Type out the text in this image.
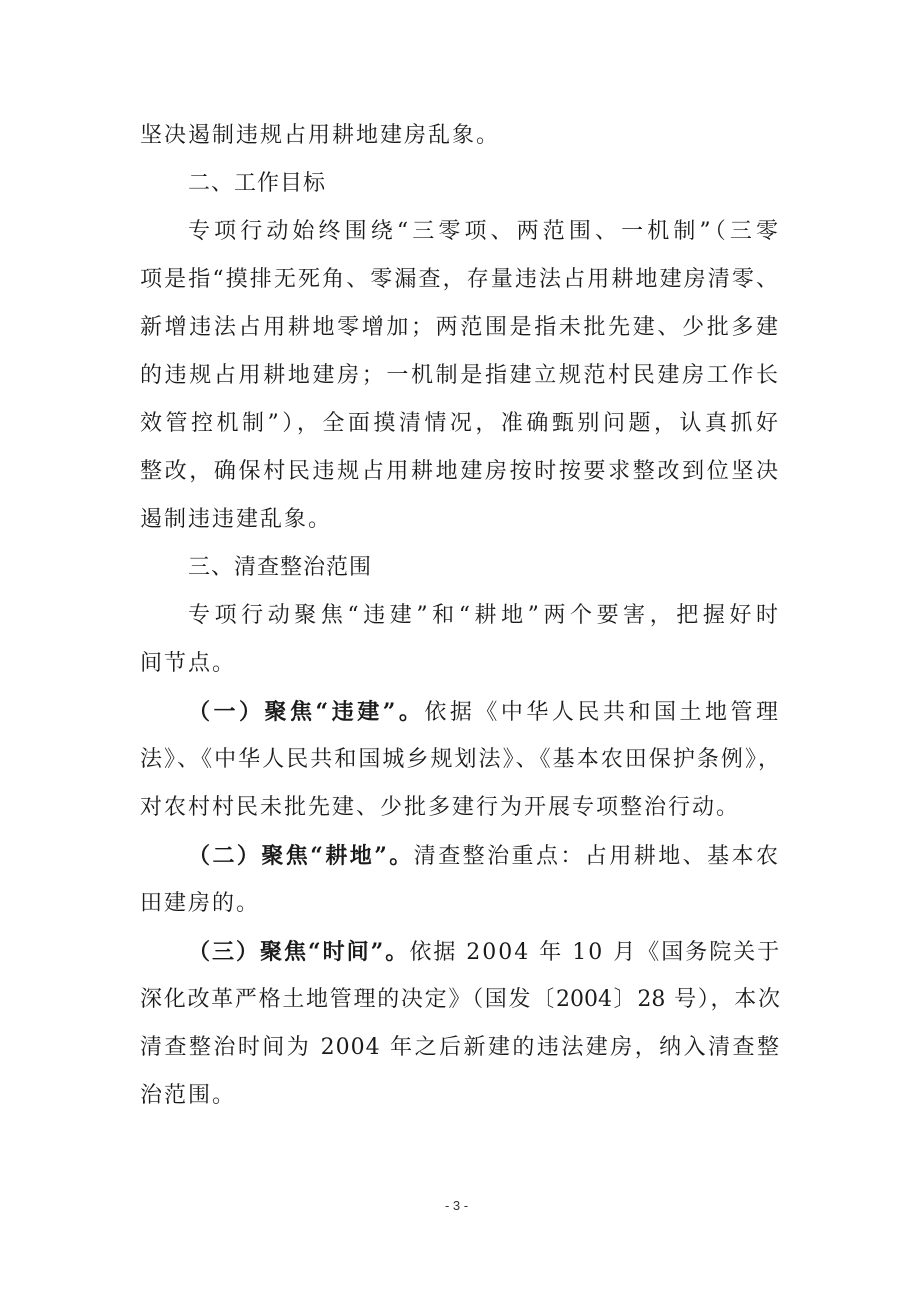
坚决遏制违规占用耕地建房乱象。
二、工作目标
专项行动始终围绕“三零项、两范围、一机制”（三零
项是指“摸排无死角、零漏查，存量违法占用耕地建房清零、
新增违法占用耕地零增加；两范围是指未批先建、少批多建
的违规占用耕地建房；一机制是指建立规范村民建房工作长
效管控机制”），全面摸清情况，准确甄别问题，认真抓好
整改，确保村民违规占用耕地建房按时按要求整改到位坚决
遏制违违建乱象。
三、清查整治范围
专项行动聚焦“违建”和“耕地”两个要害，把握好时
间节点。
（一）聚焦“违建”。依据《中华人民共和国土地管理
法》、《中华人民共和国城乡规划法》、《基本农田保护条例》，
对农村村民未批先建、少批多建行为开展专项整治行动。
（二）聚焦“耕地”。清查整治重点：占用耕地、基本农
田建房的。
（三）聚焦“时间”。依据 2004 年 10 月《国务院关于
深化改革严格土地管理的决定》（国发〔2004〕28 号），本次
清查整治时间为 2004 年之后新建的违法建房，纳入清查整
治范围。
- 3 -
